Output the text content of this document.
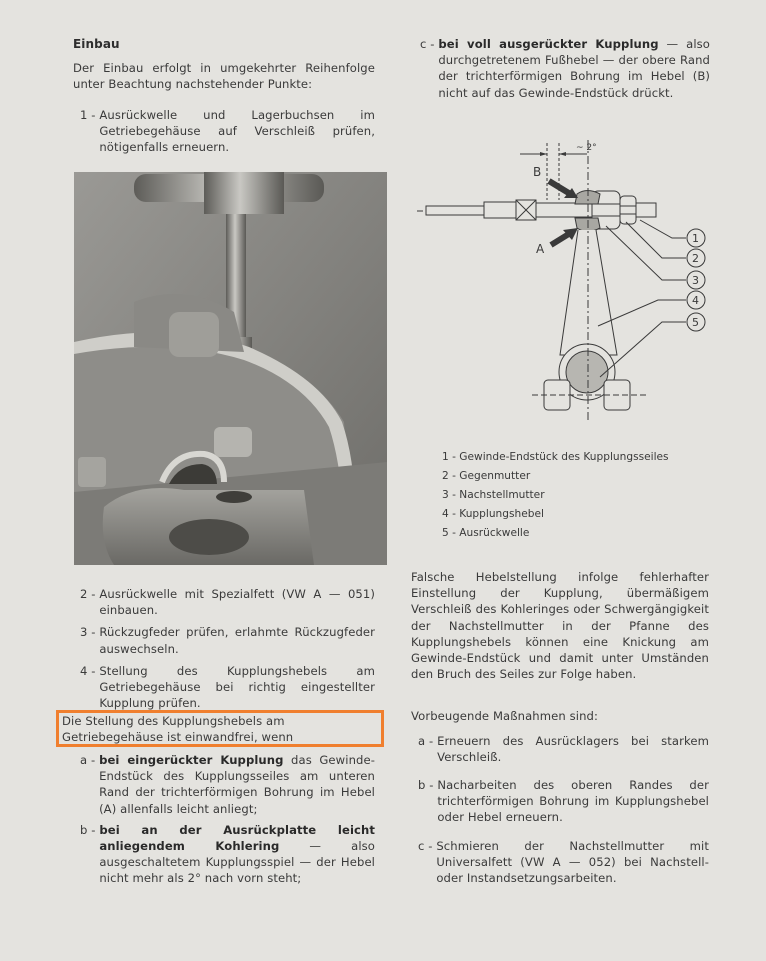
Einbau

Der Einbau erfolgt in umgekehrter Reihenfolge unter Beachtung nachstehender Punkte:

1 - Ausrückwelle und Lagerbuchsen im Getriebegehäuse auf Verschleiß prüfen, nötigenfalls erneuern.
2 - Ausrückwelle mit Spezialfett (VW A — 051) einbauen.
3 - Rückzugfeder prüfen, erlahmte Rückzugfeder auswechseln.
4 - Stellung des Kupplungshebels am Getriebegehäuse bei richtig eingestellter Kupplung prüfen.

Die Stellung des Kupplungshebels am Getriebegehäuse ist einwandfrei, wenn

a - bei eingerückter Kupplung das Gewinde-Endstück des Kupplungsseiles am unteren Rand der trichterförmigen Bohrung im Hebel (A) allenfalls leicht anliegt;
b - bei an der Ausrückplatte leicht anliegendem Kohlering — also ausgeschaltetem Kupplungsspiel — der Hebel nicht mehr als 2° nach vorn steht;
c - bei voll ausgerückter Kupplung — also durchgetretenem Fußhebel — der obere Rand der trichterförmigen Bohrung im Hebel (B) nicht auf das Gewinde-Endstück drückt.
~ 2°
B
A
1
2
3
4
5
1 - Gewinde-Endstück des Kupplungsseiles
2 - Gegenmutter
3 - Nachstellmutter
4 - Kupplungshebel
5 - Ausrückwelle

Falsche Hebelstellung infolge fehlerhafter Einstellung der Kupplung, übermäßigem Verschleiß des Kohleringes oder Schwergängigkeit der Nachstellmutter in der Pfanne des Kupplungshebels können eine Knickung am Gewinde-Endstück und damit unter Umständen den Bruch des Seiles zur Folge haben.

Vorbeugende Maßnahmen sind:

a - Erneuern des Ausrücklagers bei starkem Verschleiß.
b - Nacharbeiten des oberen Randes der trichterförmigen Bohrung im Kupplungshebel oder Hebel erneuern.
c - Schmieren der Nachstellmutter mit Universalfett (VW A — 052) bei Nachstell- oder Instandsetzungsarbeiten.
